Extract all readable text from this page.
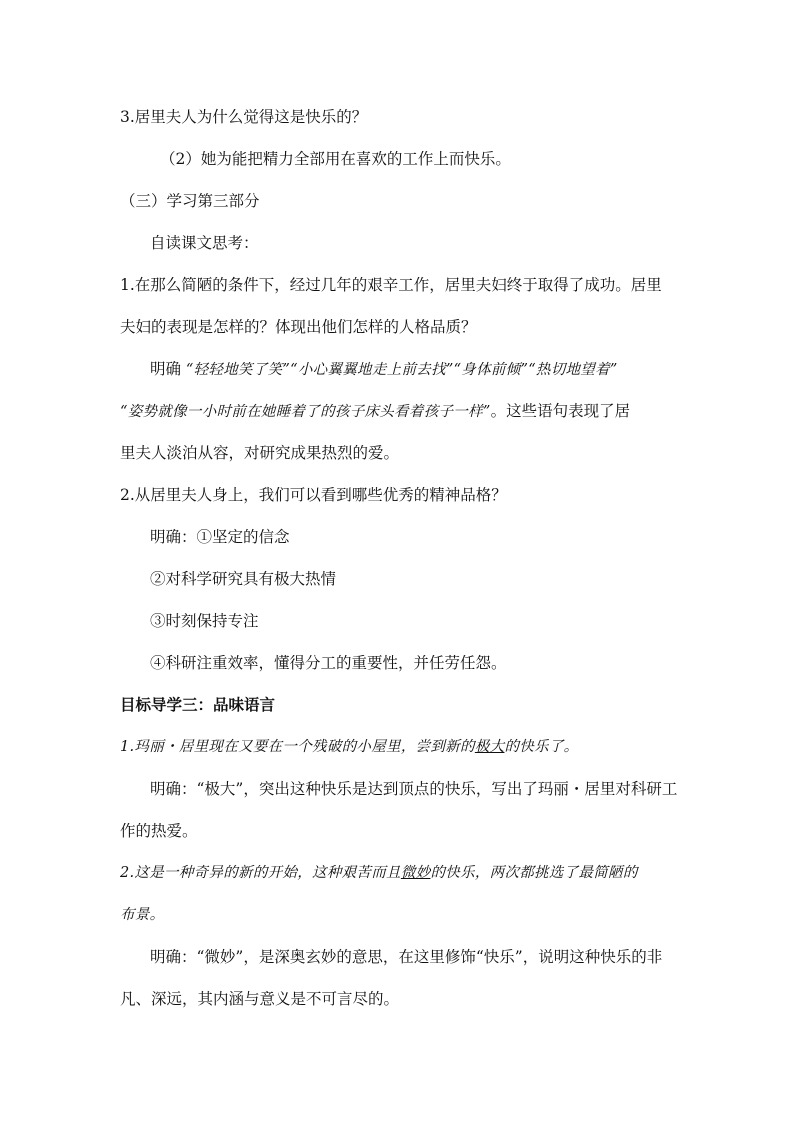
3.居里夫人为什么觉得这是快乐的？
（2）她为能把精力全部用在喜欢的工作上而快乐。
（三）学习第三部分
自读课文思考：
1.在那么简陋的条件下，经过几年的艰辛工作，居里夫妇终于取得了成功。居里
夫妇的表现是怎样的？体现出他们怎样的人格品质？
明确 “轻轻地笑了笑”“小心翼翼地走上前去找”“身体前倾”“热切地望着”
“姿势就像一小时前在她睡着了的孩子床头看着孩子一样”。这些语句表现了居
里夫人淡泊从容，对研究成果热烈的爱。
2.从居里夫人身上，我们可以看到哪些优秀的精神品格？
明确：①坚定的信念
②对科学研究具有极大热情
③时刻保持专注
④科研注重效率，懂得分工的重要性，并任劳任怨。
目标导学三：品味语言
1.玛丽・居里现在又要在一个残破的小屋里，尝到新的极大的快乐了。
明确：“极大”，突出这种快乐是达到顶点的快乐，写出了玛丽・居里对科研工
作的热爱。
2.这是一种奇异的新的开始，这种艰苦而且微妙的快乐，两次都挑选了最简陋的
布景。
明确：“微妙”，是深奥玄妙的意思，在这里修饰“快乐”，说明这种快乐的非
凡、深远，其内涵与意义是不可言尽的。
